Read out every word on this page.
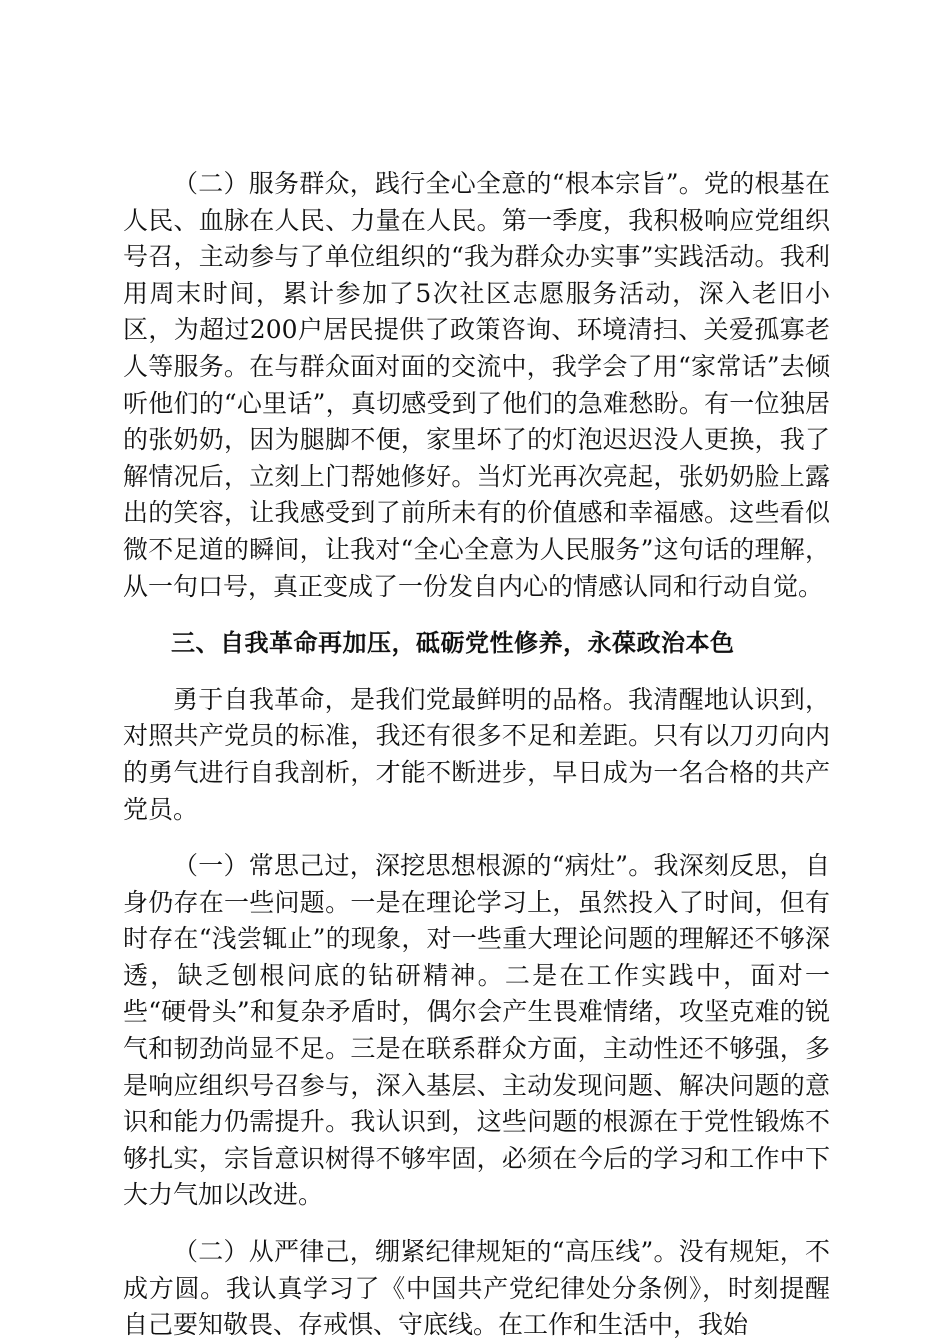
（二）服务群众，践行全心全意的“根本宗旨”。党的根基在人民、血脉在人民、力量在人民。第一季度，我积极响应党组织号召，主动参与了单位组织的“我为群众办实事”实践活动。我利用周末时间，累计参加了5次社区志愿服务活动，深入老旧小区，为超过200户居民提供了政策咨询、环境清扫、关爱孤寡老人等服务。在与群众面对面的交流中，我学会了用“家常话”去倾听他们的“心里话”，真切感受到了他们的急难愁盼。有一位独居的张奶奶，因为腿脚不便，家里坏了的灯泡迟迟没人更换，我了解情况后，立刻上门帮她修好。当灯光再次亮起，张奶奶脸上露出的笑容，让我感受到了前所未有的价值感和幸福感。这些看似微不足道的瞬间，让我对“全心全意为人民服务”这句话的理解，从一句口号，真正变成了一份发自内心的情感认同和行动自觉。

三、自我革命再加压，砥砺党性修养，永葆政治本色

勇于自我革命，是我们党最鲜明的品格。我清醒地认识到，对照共产党员的标准，我还有很多不足和差距。只有以刀刃向内的勇气进行自我剖析，才能不断进步，早日成为一名合格的共产党员。

（一）常思己过，深挖思想根源的“病灶”。我深刻反思，自身仍存在一些问题。一是在理论学习上，虽然投入了时间，但有时存在“浅尝辄止”的现象，对一些重大理论问题的理解还不够深透，缺乏刨根问底的钻研精神。二是在工作实践中，面对一些“硬骨头”和复杂矛盾时，偶尔会产生畏难情绪，攻坚克难的锐气和韧劲尚显不足。三是在联系群众方面，主动性还不够强，多是响应组织号召参与，深入基层、主动发现问题、解决问题的意识和能力仍需提升。我认识到，这些问题的根源在于党性锻炼不够扎实，宗旨意识树得不够牢固，必须在今后的学习和工作中下大力气加以改进。

（二）从严律己，绷紧纪律规矩的“高压线”。没有规矩，不成方圆。我认真学习了《中国共产党纪律处分条例》，时刻提醒自己要知敬畏、存戒惧、守底线。在工作和生活中，我始
